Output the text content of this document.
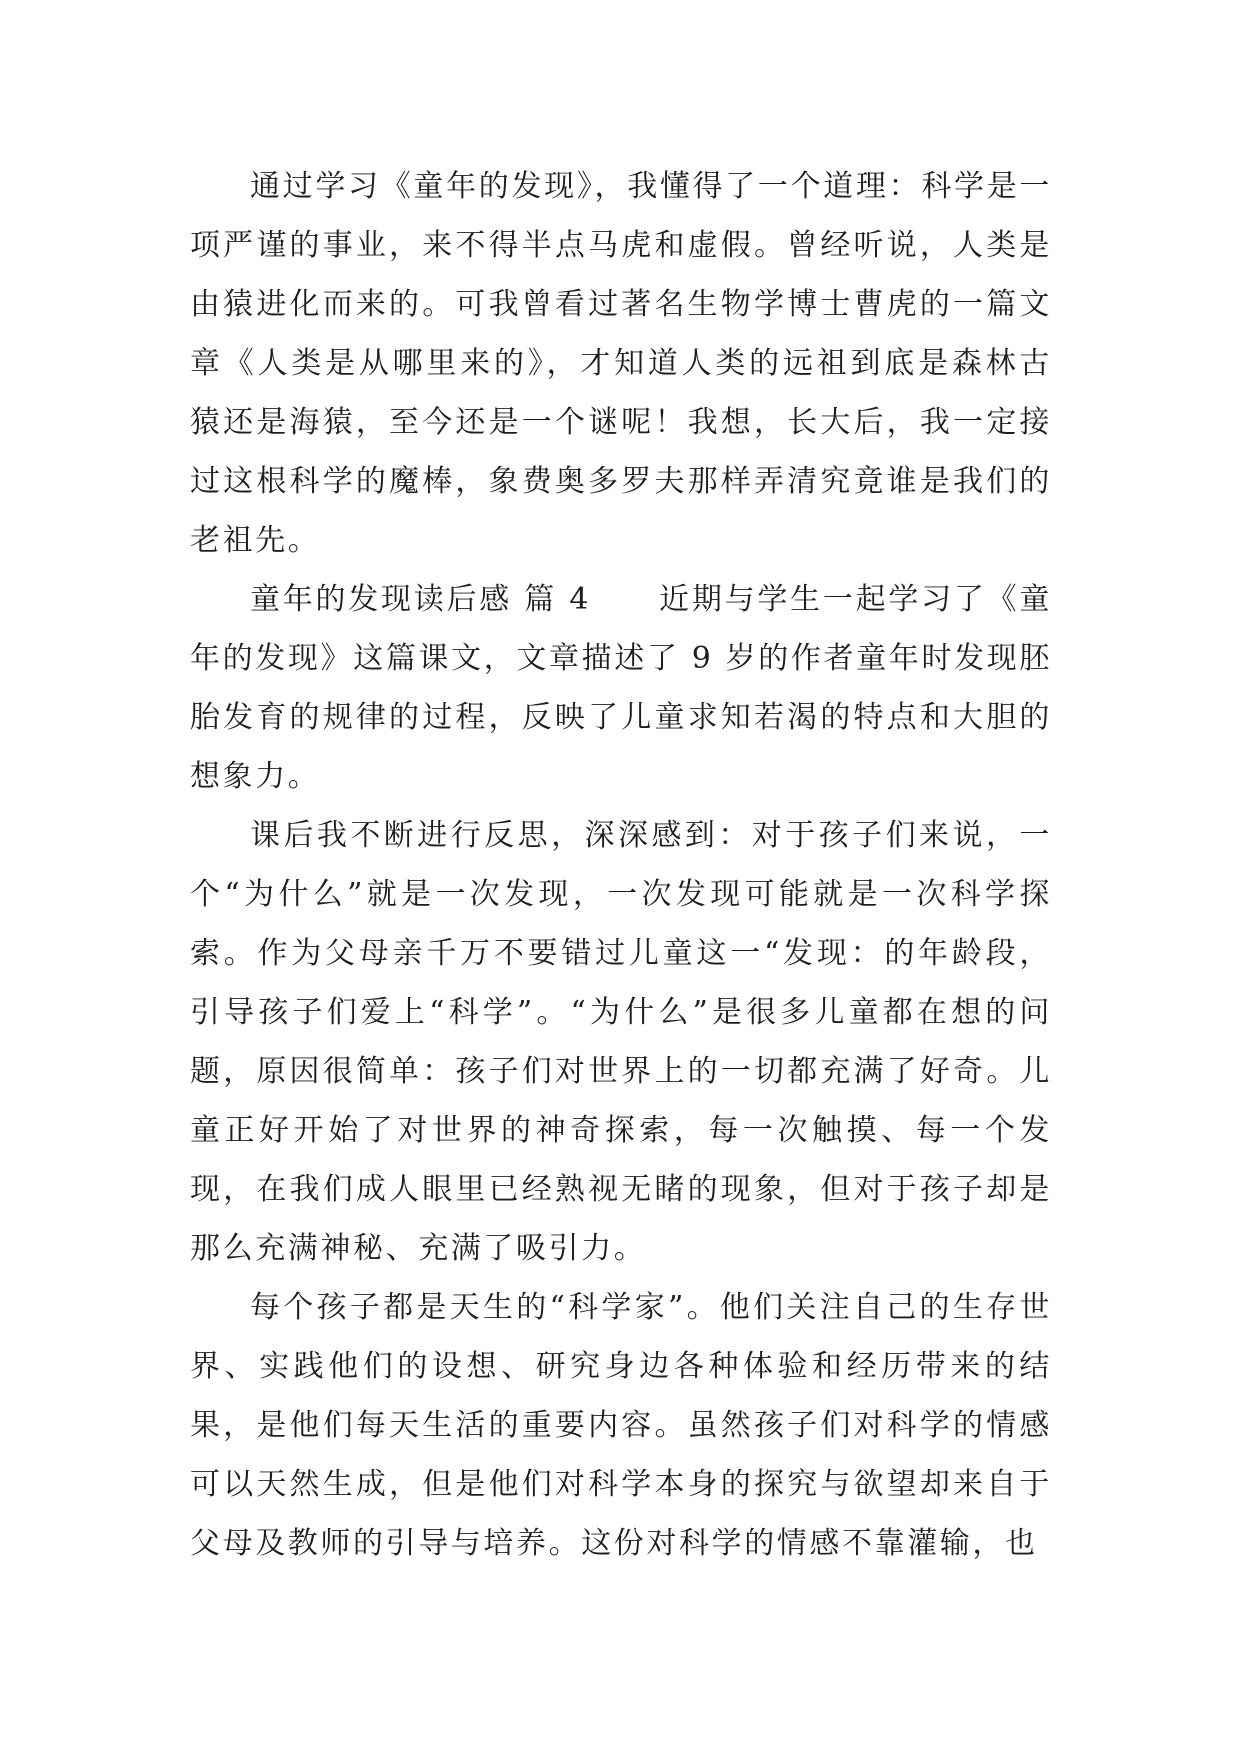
通过学习《童年的发现》，我懂得了一个道理：科学是一项严谨的事业，来不得半点马虎和虚假。曾经听说，人类是由猿进化而来的。可我曾看过著名生物学博士曹虎的一篇文章《人类是从哪里来的》，才知道人类的远祖到底是森林古猿还是海猿，至今还是一个谜呢！我想，长大后，我一定接过这根科学的魔棒，象费奥多罗夫那样弄清究竟谁是我们的老祖先。

童年的发现读后感 篇 4 近期与学生一起学习了《童年的发现》这篇课文，文章描述了 9 岁的作者童年时发现胚胎发育的规律的过程，反映了儿童求知若渴的特点和大胆的想象力。

课后我不断进行反思，深深感到：对于孩子们来说，一个“为什么”就是一次发现，一次发现可能就是一次科学探索。作为父母亲千万不要错过儿童这一“发现：的年龄段，引导孩子们爱上“科学”。“为什么”是很多儿童都在想的问题，原因很简单：孩子们对世界上的一切都充满了好奇。儿童正好开始了对世界的神奇探索，每一次触摸、每一个发现，在我们成人眼里已经熟视无睹的现象，但对于孩子却是那么充满神秘、充满了吸引力。

每个孩子都是天生的“科学家”。他们关注自己的生存世界、实践他们的设想、研究身边各种体验和经历带来的结果，是他们每天生活的重要内容。虽然孩子们对科学的情感可以天然生成，但是他们对科学本身的探究与欲望却来自于父母及教师的引导与培养。这份对科学的情感不靠灌输，也
